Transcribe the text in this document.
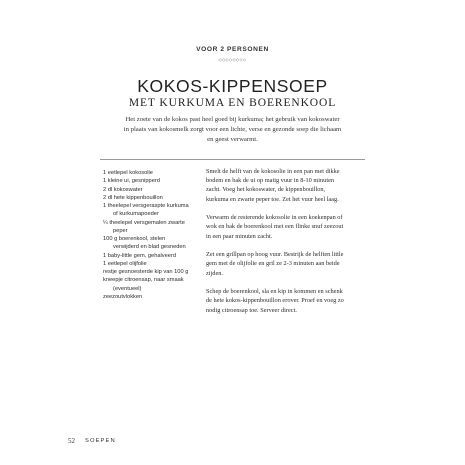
VOOR 2 PERSONEN
◇◇◇◇◇◇◇◇
KOKOS-KIPPENSOEP
MET KURKUMA EN BOERENKOOL
Het zoete van de kokos past heel goed bij kurkuma; het gebruik van kokoswater
in plaats van kokosmelk zorgt voor een lichte, verse en gezonde soep die lichaam
en geest verwarmt.
1 eetlepel kokosolie
1 kleine ui, gesnipperd
2 dl kokoswater
2 dl hete kippenbouillon
1 theelepel versgeraspte kurkuma
of kurkumapoeder
¼ theelepel versgemalen zwarte
peper
100 g boerenkool, stelen
verwijderd en blad gesneden
1 baby-little gem, gehalveerd
1 eetlepel olijfolie
restje gesnoesterde kip van 100 g
kneepje citroensap, naar smaak
(eventueel)
zeezoutvlokken
Smelt de helft van de kokosolie in een pan met dikke
bodem en bak de ui op matig vuur in 8-10 minuten
zacht. Voeg het kokoswater, de kippenbouillon,
kurkuma en zwarte peper toe. Zet het vuur heel laag.
Verwarm de resterende kokosolie in een koekenpan of
wok en bak de boerenkool met een flinke snuf zeezout
in een paar minuten zacht.
Zet een grillpan op hoog vuur. Bestrijk de helften little
gem met de olijfolie en gril ze 2-3 minuten aan beide
zijden.
Schep de boerenkool, sla en kip in kommen en schenk
de hete kokos-kippenbouillon erover. Proef en voeg zo
nodig citroensap toe. Serveer direct.
52 SOEPEN
